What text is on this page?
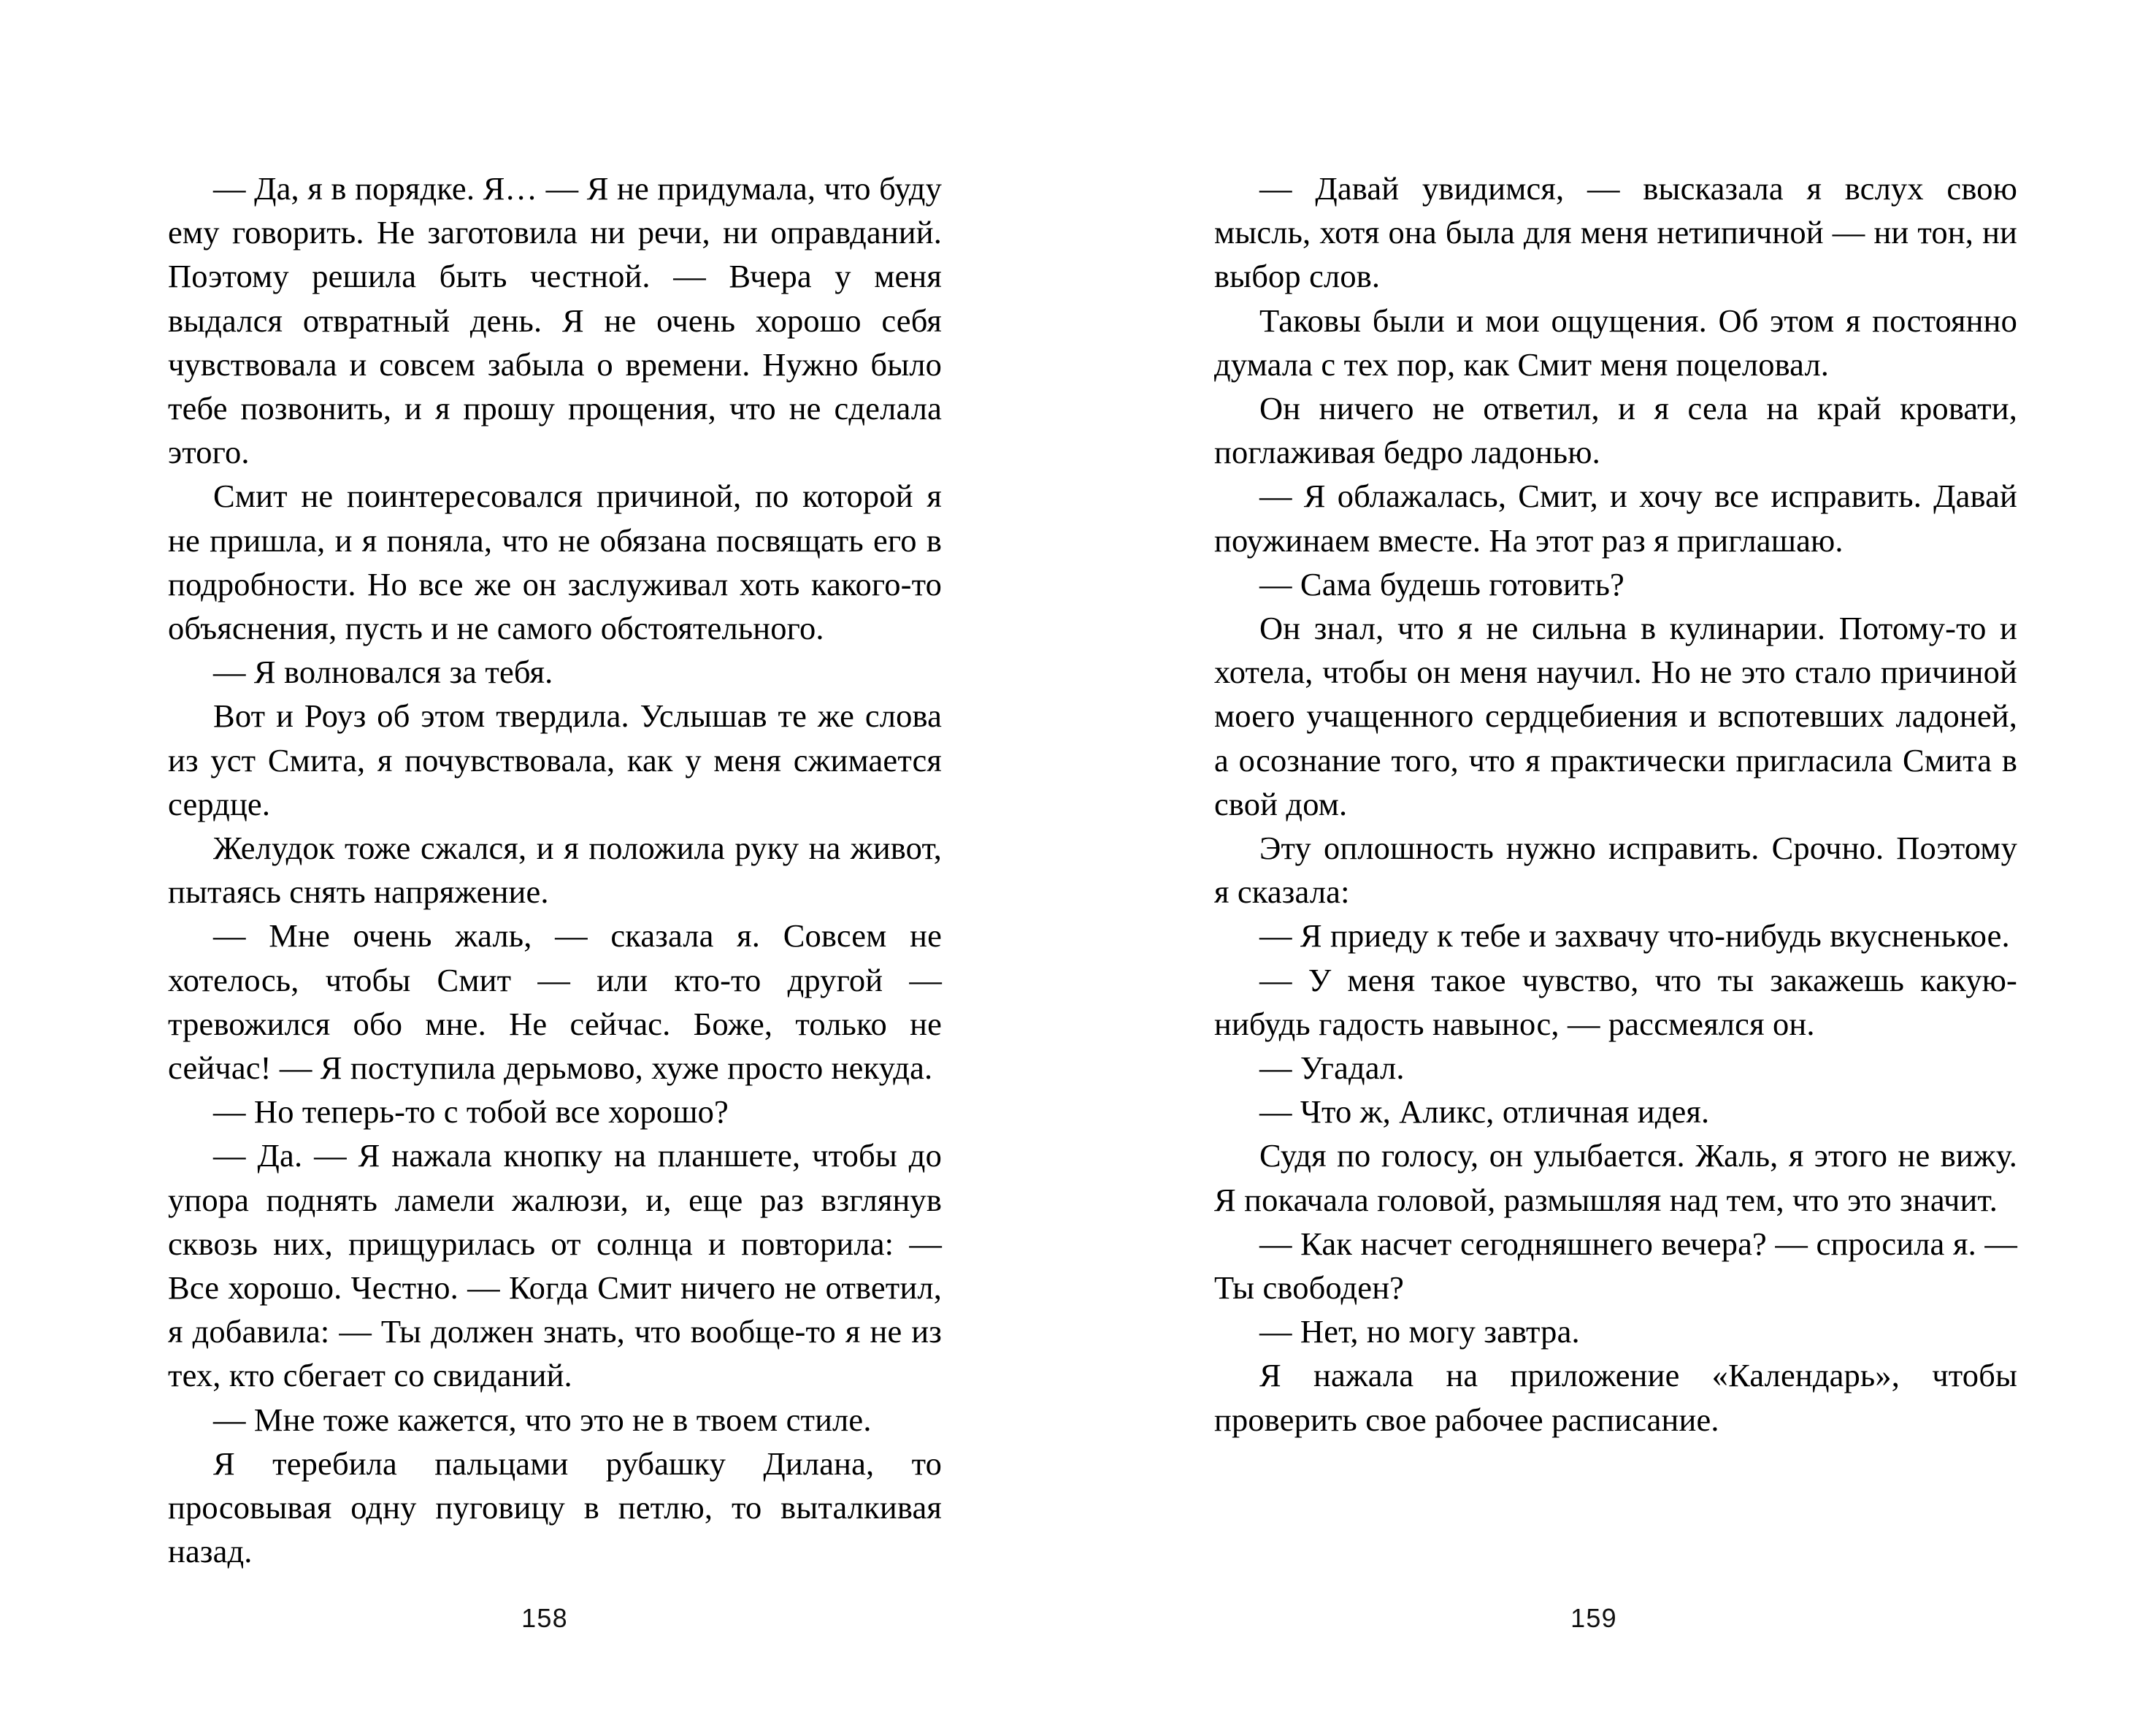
— Да, я в порядке. Я… — Я не придумала, что буду ему говорить. Не заготовила ни речи, ни оправданий. Поэтому решила быть честной. — Вчера у меня выдался отвратный день. Я не очень хорошо себя чувствовала и совсем забыла о времени. Нужно было тебе позвонить, и я прошу прощения, что не сделала этого.

Смит не поинтересовался причиной, по которой я не пришла, и я поняла, что не обязана посвящать его в подробности. Но все же он заслуживал хоть какого-то объяснения, пусть и не самого обстоятельного.

— Я волновался за тебя.

Вот и Роуз об этом твердила. Услышав те же слова из уст Смита, я почувствовала, как у меня сжимается сердце.

Желудок тоже сжался, и я положила руку на живот, пытаясь снять напряжение.

— Мне очень жаль, — сказала я. Совсем не хотелось, чтобы Смит — или кто-то другой — тревожился обо мне. Не сейчас. Боже, только не сейчас! — Я поступила дерьмово, хуже просто некуда.

— Но теперь-то с тобой все хорошо?

— Да. — Я нажала кнопку на планшете, чтобы до упора поднять ламели жалюзи, и, еще раз взглянув сквозь них, прищурилась от солнца и повторила: — Все хорошо. Честно. — Когда Смит ничего не ответил, я добавила: — Ты должен знать, что вообще-то я не из тех, кто сбегает со свиданий.

— Мне тоже кажется, что это не в твоем стиле.

Я теребила пальцами рубашку Дилана, то просовывая одну пуговицу в петлю, то выталкивая назад.

158

— Давай увидимся, — высказала я вслух свою мысль, хотя она была для меня нетипичной — ни тон, ни выбор слов.

Таковы были и мои ощущения. Об этом я постоянно думала с тех пор, как Смит меня поцеловал.

Он ничего не ответил, и я села на край кровати, поглаживая бедро ладонью.

— Я облажалась, Смит, и хочу все исправить. Давай поужинаем вместе. На этот раз я приглашаю.

— Сама будешь готовить?

Он знал, что я не сильна в кулинарии. Потому-то и хотела, чтобы он меня научил. Но не это стало причиной моего учащенного сердцебиения и вспотевших ладоней, а осознание того, что я практически пригласила Смита в свой дом.

Эту оплошность нужно исправить. Срочно. Поэтому я сказала:

— Я приеду к тебе и захвачу что-нибудь вкусненькое.

— У меня такое чувство, что ты закажешь какую-нибудь гадость навынос, — рассмеялся он.

— Угадал.

— Что ж, Аликс, отличная идея.

Судя по голосу, он улыбается. Жаль, я этого не вижу. Я покачала головой, размышляя над тем, что это значит.

— Как насчет сегодняшнего вечера? — спросила я. — Ты свободен?

— Нет, но могу завтра.

Я нажала на приложение «Календарь», чтобы проверить свое рабочее расписание.

159
